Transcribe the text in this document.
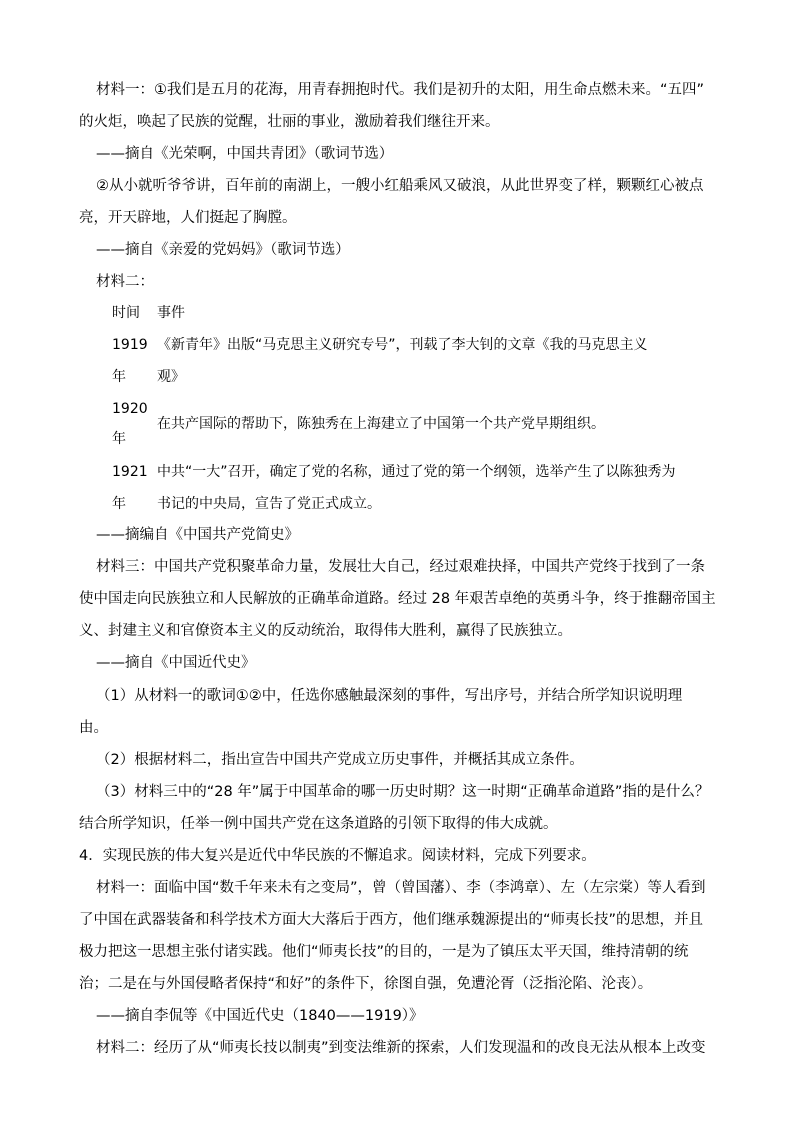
材料一：①我们是五月的花海，用青春拥抱时代。我们是初升的太阳，用生命点燃未来。“五四”
的火炬，唤起了民族的觉醒，壮丽的事业，激励着我们继往开来。
——摘自《光荣啊，中国共青团》（歌词节选）
②从小就听爷爷讲，百年前的南湖上，一艘小红船乘风又破浪，从此世界变了样，颗颗红心被点
亮，开天辟地，人们挺起了胸膛。
——摘自《亲爱的党妈妈》（歌词节选）
材料二：
时间 事件
1919
年
《新青年》出版“马克思主义研究专号”，刊载了李大钊的文章《我的马克思主义
观》
1920
年
在共产国际的帮助下，陈独秀在上海建立了中国第一个共产党早期组织。
1921
年
中共“一大”召开，确定了党的名称，通过了党的第一个纲领，选举产生了以陈独秀为
书记的中央局，宣告了党正式成立。
——摘编自《中国共产党简史》
材料三：中国共产党积聚革命力量，发展壮大自己，经过艰难抉择，中国共产党终于找到了一条
使中国走向民族独立和人民解放的正确革命道路。经过 28 年艰苦卓绝的英勇斗争，终于推翻帝国主
义、封建主义和官僚资本主义的反动统治，取得伟大胜利，赢得了民族独立。
——摘自《中国近代史》
（1）从材料一的歌词①②中，任选你感触最深刻的事件，写出序号，并结合所学知识说明理
由。
（2）根据材料二，指出宣告中国共产党成立历史事件，并概括其成立条件。
（3）材料三中的“28 年”属于中国革命的哪一历史时期？这一时期“正确革命道路”指的是什么？
结合所学知识，任举一例中国共产党在这条道路的引领下取得的伟大成就。
4．实现民族的伟大复兴是近代中华民族的不懈追求。阅读材料，完成下列要求。
材料一：面临中国“数千年来未有之变局”，曾（曾国藩）、李（李鸿章）、左（左宗棠）等人看到
了中国在武器装备和科学技术方面大大落后于西方，他们继承魏源提出的“师夷长技”的思想，并且
极力把这一思想主张付诸实践。他们“师夷长技”的目的，一是为了镇压太平天国，维持清朝的统
治；二是在与外国侵略者保持“和好”的条件下，徐图自强，免遭沦胥（泛指沦陷、沦丧）。
——摘自李侃等《中国近代史（1840——1919）》
材料二：经历了从“师夷长技以制夷”到变法维新的探索，人们发现温和的改良无法从根本上改变
